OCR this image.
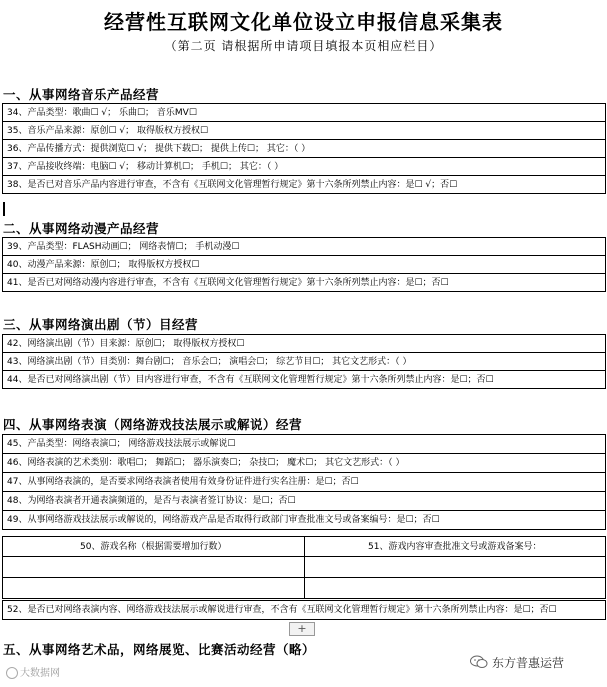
经营性互联网文化单位设立申报信息采集表
（第二页 请根据所申请项目填报本页相应栏目）
一、从事网络音乐产品经营
34、产品类型：歌曲☐ √； 乐曲☐； 音乐MV☐
35、音乐产品来源：原创☐ √； 取得版权方授权☐
36、产品传播方式：提供浏览☐ √； 提供下载☐； 提供上传☐； 其它：（ ）
37、产品接收终端：电脑☐ √； 移动计算机☐； 手机☐； 其它：（ ）
38、是否已对音乐产品内容进行审查，不含有《互联网文化管理暂行规定》第十六条所列禁止内容：是☐ √；否☐
二、从事网络动漫产品经营
39、产品类型：FLASH动画☐； 网络表情☐； 手机动漫☐
40、动漫产品来源：原创☐； 取得版权方授权☐
41、是否已对网络动漫内容进行审查，不含有《互联网文化管理暂行规定》第十六条所列禁止内容：是☐；否☐
三、从事网络演出剧（节）目经营
42、网络演出剧（节）目来源：原创☐； 取得版权方授权☐
43、网络演出剧（节）目类别：舞台剧☐； 音乐会☐； 演唱会☐； 综艺节目☐； 其它文艺形式：（ ）
44、是否已对网络演出剧（节）目内容进行审查，不含有《互联网文化管理暂行规定》第十六条所列禁止内容：是☐；否☐
四、从事网络表演（网络游戏技法展示或解说）经营
45、产品类型：网络表演☐； 网络游戏技法展示或解说☐
46、网络表演的艺术类别：歌唱☐； 舞蹈☐； 器乐演奏☐； 杂技☐； 魔术☐； 其它文艺形式：（ ）
47、从事网络表演的，是否要求网络表演者使用有效身份证件进行实名注册：是☐；否☐
48、为网络表演者开通表演频道的，是否与表演者签订协议：是☐；否☐
49、从事网络游戏技法展示或解说的，网络游戏产品是否取得行政部门审查批准文号或备案编号：是☐；否☐
50、游戏名称（根据需要增加行数）	51、游戏内容审查批准文号或游戏备案号：
52、是否已对网络表演内容、网络游戏技法展示或解说进行审查，不含有《互联网文化管理暂行规定》第十六条所列禁止内容：是☐；否☐
+
五、从事网络艺术品，网络展览、比赛活动经营（略）
大数据网
东方普惠运营
